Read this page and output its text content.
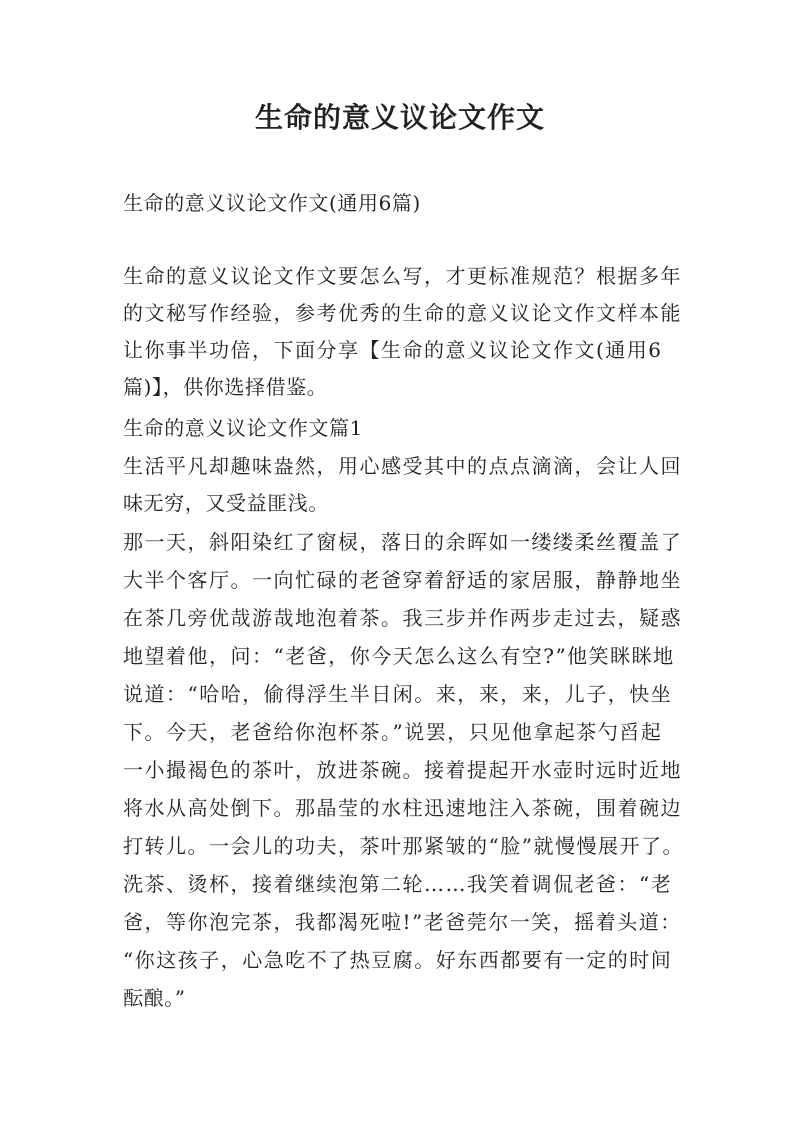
生命的意义议论文作文
生命的意义议论文作文(通用6篇)
生命的意义议论文作文要怎么写，才更标准规范？根据多年
的文秘写作经验，参考优秀的生命的意义议论文作文样本能
让你事半功倍，下面分享【生命的意义议论文作文(通用6
篇)】，供你选择借鉴。
生命的意义议论文作文篇1
生活平凡却趣味盎然，用心感受其中的点点滴滴，会让人回
味无穷，又受益匪浅。
那一天，斜阳染红了窗棂，落日的余晖如一缕缕柔丝覆盖了
大半个客厅。一向忙碌的老爸穿着舒适的家居服，静静地坐
在茶几旁优哉游哉地泡着茶。我三步并作两步走过去，疑惑
地望着他，问：“老爸，你今天怎么这么有空?”他笑眯眯地
说道：“哈哈，偷得浮生半日闲。来，来，来，儿子，快坐
下。今天，老爸给你泡杯茶。”说罢，只见他拿起茶勺舀起
一小撮褐色的茶叶，放进茶碗。接着提起开水壶时远时近地
将水从高处倒下。那晶莹的水柱迅速地注入茶碗，围着碗边
打转儿。一会儿的功夫，茶叶那紧皱的“脸”就慢慢展开了。
洗茶、烫杯，接着继续泡第二轮……我笑着调侃老爸：“老
爸，等你泡完茶，我都渴死啦!”老爸莞尔一笑，摇着头道：
“你这孩子，心急吃不了热豆腐。好东西都要有一定的时间
酝酿。”
